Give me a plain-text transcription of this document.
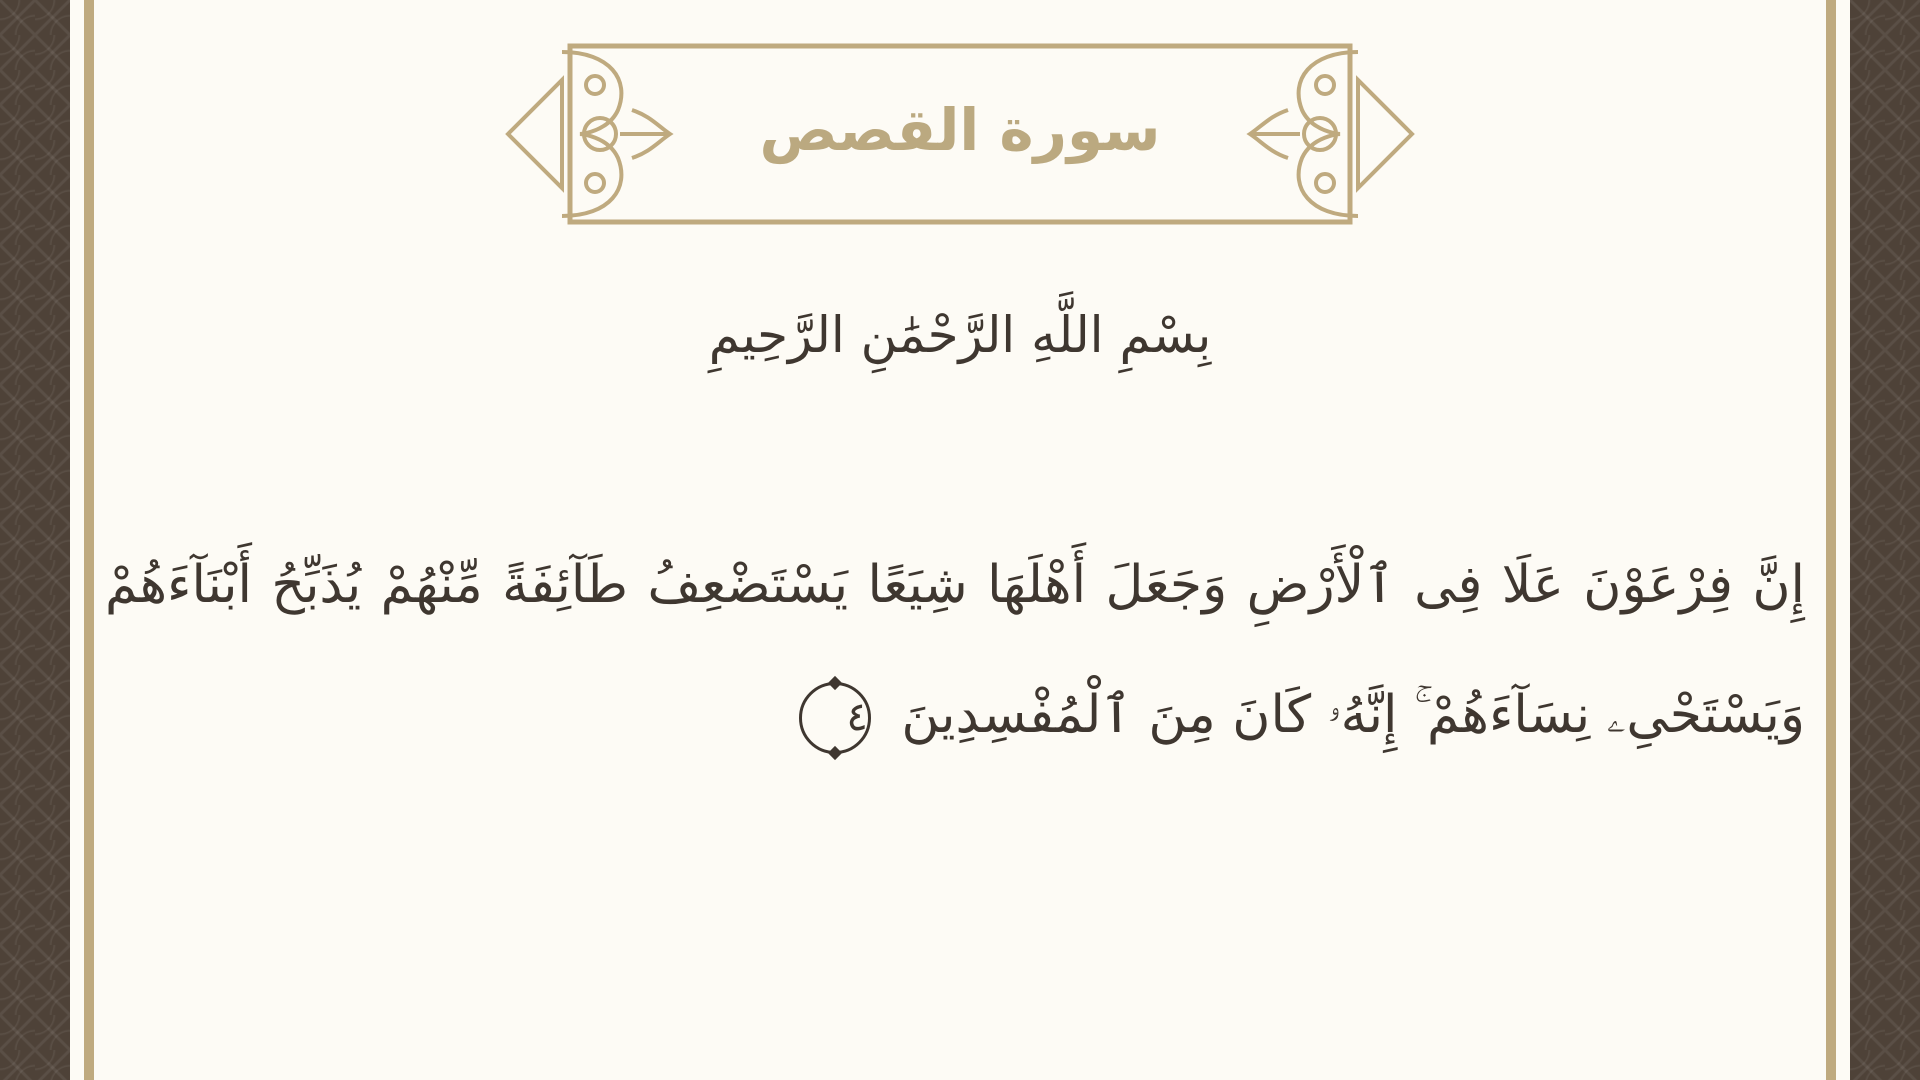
سورة القصص
بِسْمِ اللَّهِ الرَّحْمَٰنِ الرَّحِيمِ
إِنَّ فِرْعَوْنَ عَلَا فِى ٱلْأَرْضِ وَجَعَلَ أَهْلَهَا شِيَعًا يَسْتَضْعِفُ طَآئِفَةً مِّنْهُمْ يُذَبِّحُ أَبْنَآءَهُمْ وَيَسْتَحْىِۦ نِسَآءَهُمْ ۚ إِنَّهُۥ كَانَ مِنَ ٱلْمُفْسِدِينَ ٤
